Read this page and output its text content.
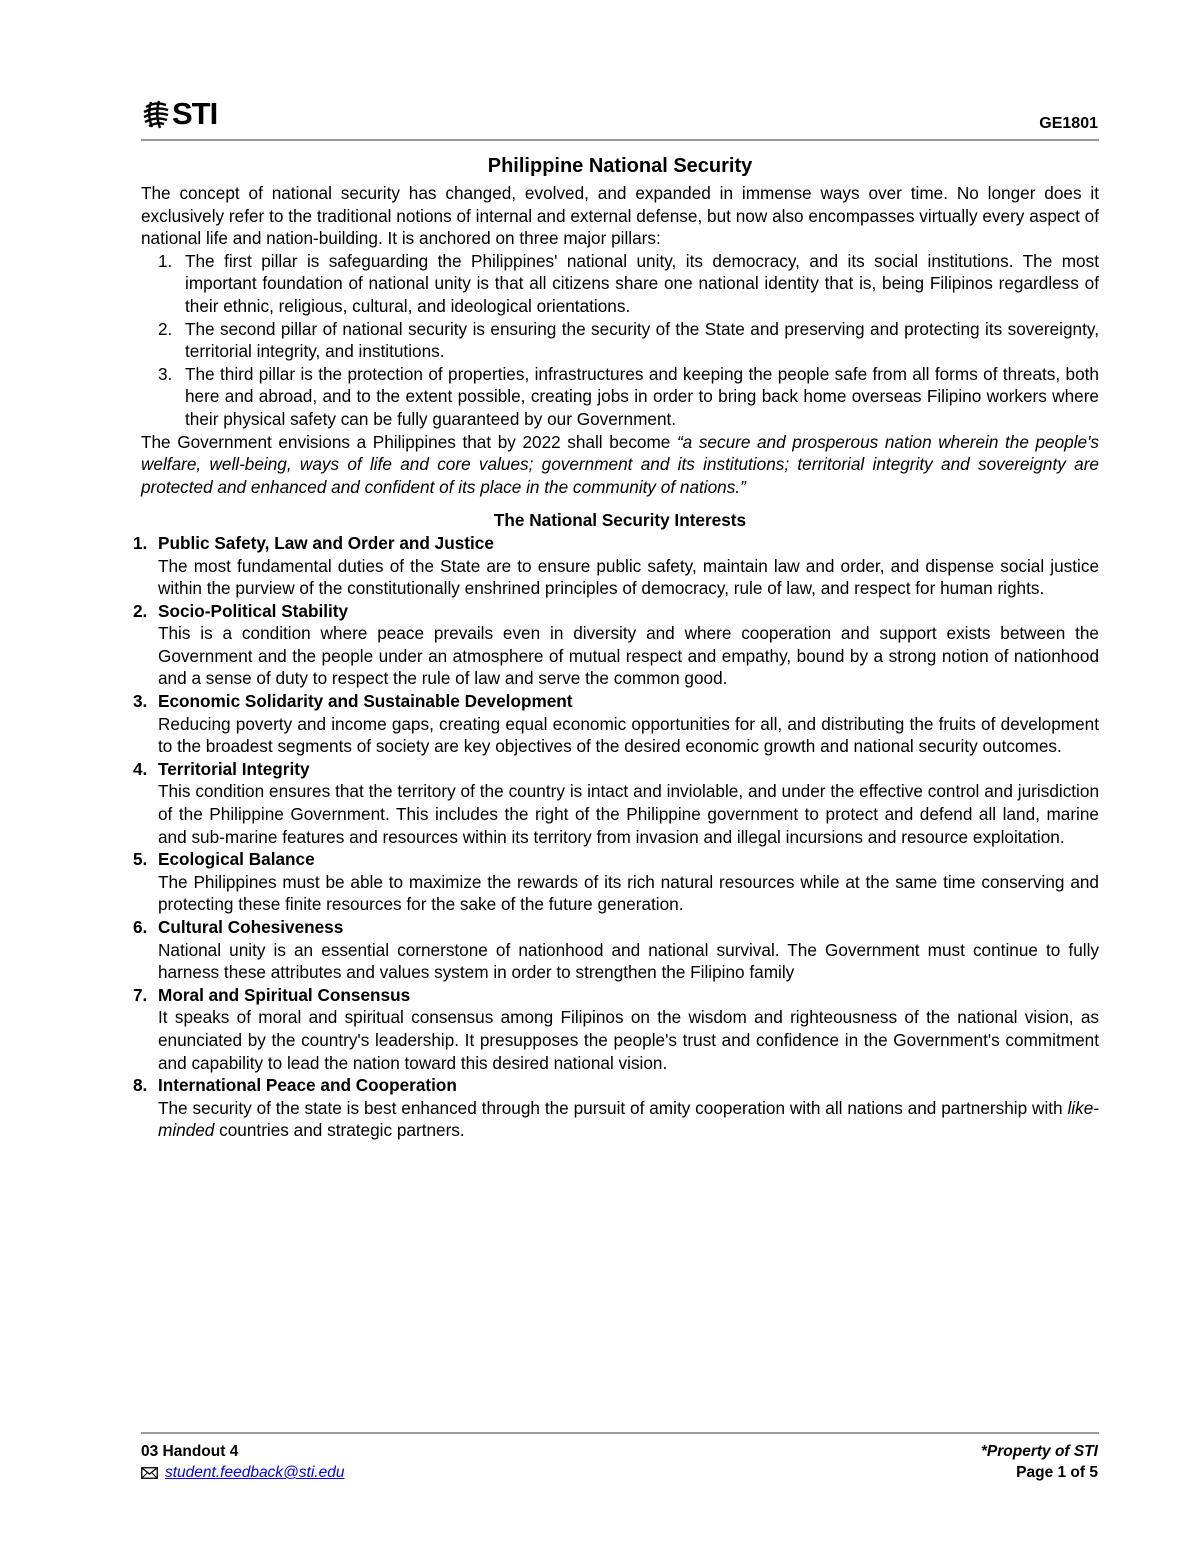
STI	GE1801
Philippine National Security

The concept of national security has changed, evolved, and expanded in immense ways over time. No longer does it exclusively refer to the traditional notions of internal and external defense, but now also encompasses virtually every aspect of national life and nation-building. It is anchored on three major pillars:

1. The first pillar is safeguarding the Philippines' national unity, its democracy, and its social institutions. The most important foundation of national unity is that all citizens share one national identity that is, being Filipinos regardless of their ethnic, religious, cultural, and ideological orientations.
2. The second pillar of national security is ensuring the security of the State and preserving and protecting its sovereignty, territorial integrity, and institutions.
3. The third pillar is the protection of properties, infrastructures and keeping the people safe from all forms of threats, both here and abroad, and to the extent possible, creating jobs in order to bring back home overseas Filipino workers where their physical safety can be fully guaranteed by our Government.

The Government envisions a Philippines that by 2022 shall become “a secure and prosperous nation wherein the people's welfare, well-being, ways of life and core values; government and its institutions; territorial integrity and sovereignty are protected and enhanced and confident of its place in the community of nations.”

The National Security Interests
1. Public Safety, Law and Order and Justice
The most fundamental duties of the State are to ensure public safety, maintain law and order, and dispense social justice within the purview of the constitutionally enshrined principles of democracy, rule of law, and respect for human rights.
2. Socio-Political Stability
This is a condition where peace prevails even in diversity and where cooperation and support exists between the Government and the people under an atmosphere of mutual respect and empathy, bound by a strong notion of nationhood and a sense of duty to respect the rule of law and serve the common good.
3. Economic Solidarity and Sustainable Development
Reducing poverty and income gaps, creating equal economic opportunities for all, and distributing the fruits of development to the broadest segments of society are key objectives of the desired economic growth and national security outcomes.
4. Territorial Integrity
This condition ensures that the territory of the country is intact and inviolable, and under the effective control and jurisdiction of the Philippine Government. This includes the right of the Philippine government to protect and defend all land, marine and sub-marine features and resources within its territory from invasion and illegal incursions and resource exploitation.
5. Ecological Balance
The Philippines must be able to maximize the rewards of its rich natural resources while at the same time conserving and protecting these finite resources for the sake of the future generation.
6. Cultural Cohesiveness
National unity is an essential cornerstone of nationhood and national survival. The Government must continue to fully harness these attributes and values system in order to strengthen the Filipino family
7. Moral and Spiritual Consensus
It speaks of moral and spiritual consensus among Filipinos on the wisdom and righteousness of the national vision, as enunciated by the country's leadership. It presupposes the people's trust and confidence in the Government's commitment and capability to lead the nation toward this desired national vision.
8. International Peace and Cooperation
The security of the state is best enhanced through the pursuit of amity cooperation with all nations and partnership with like-minded countries and strategic partners.
03 Handout 4
student.feedback@sti.edu
*Property of STI
Page 1 of 5
